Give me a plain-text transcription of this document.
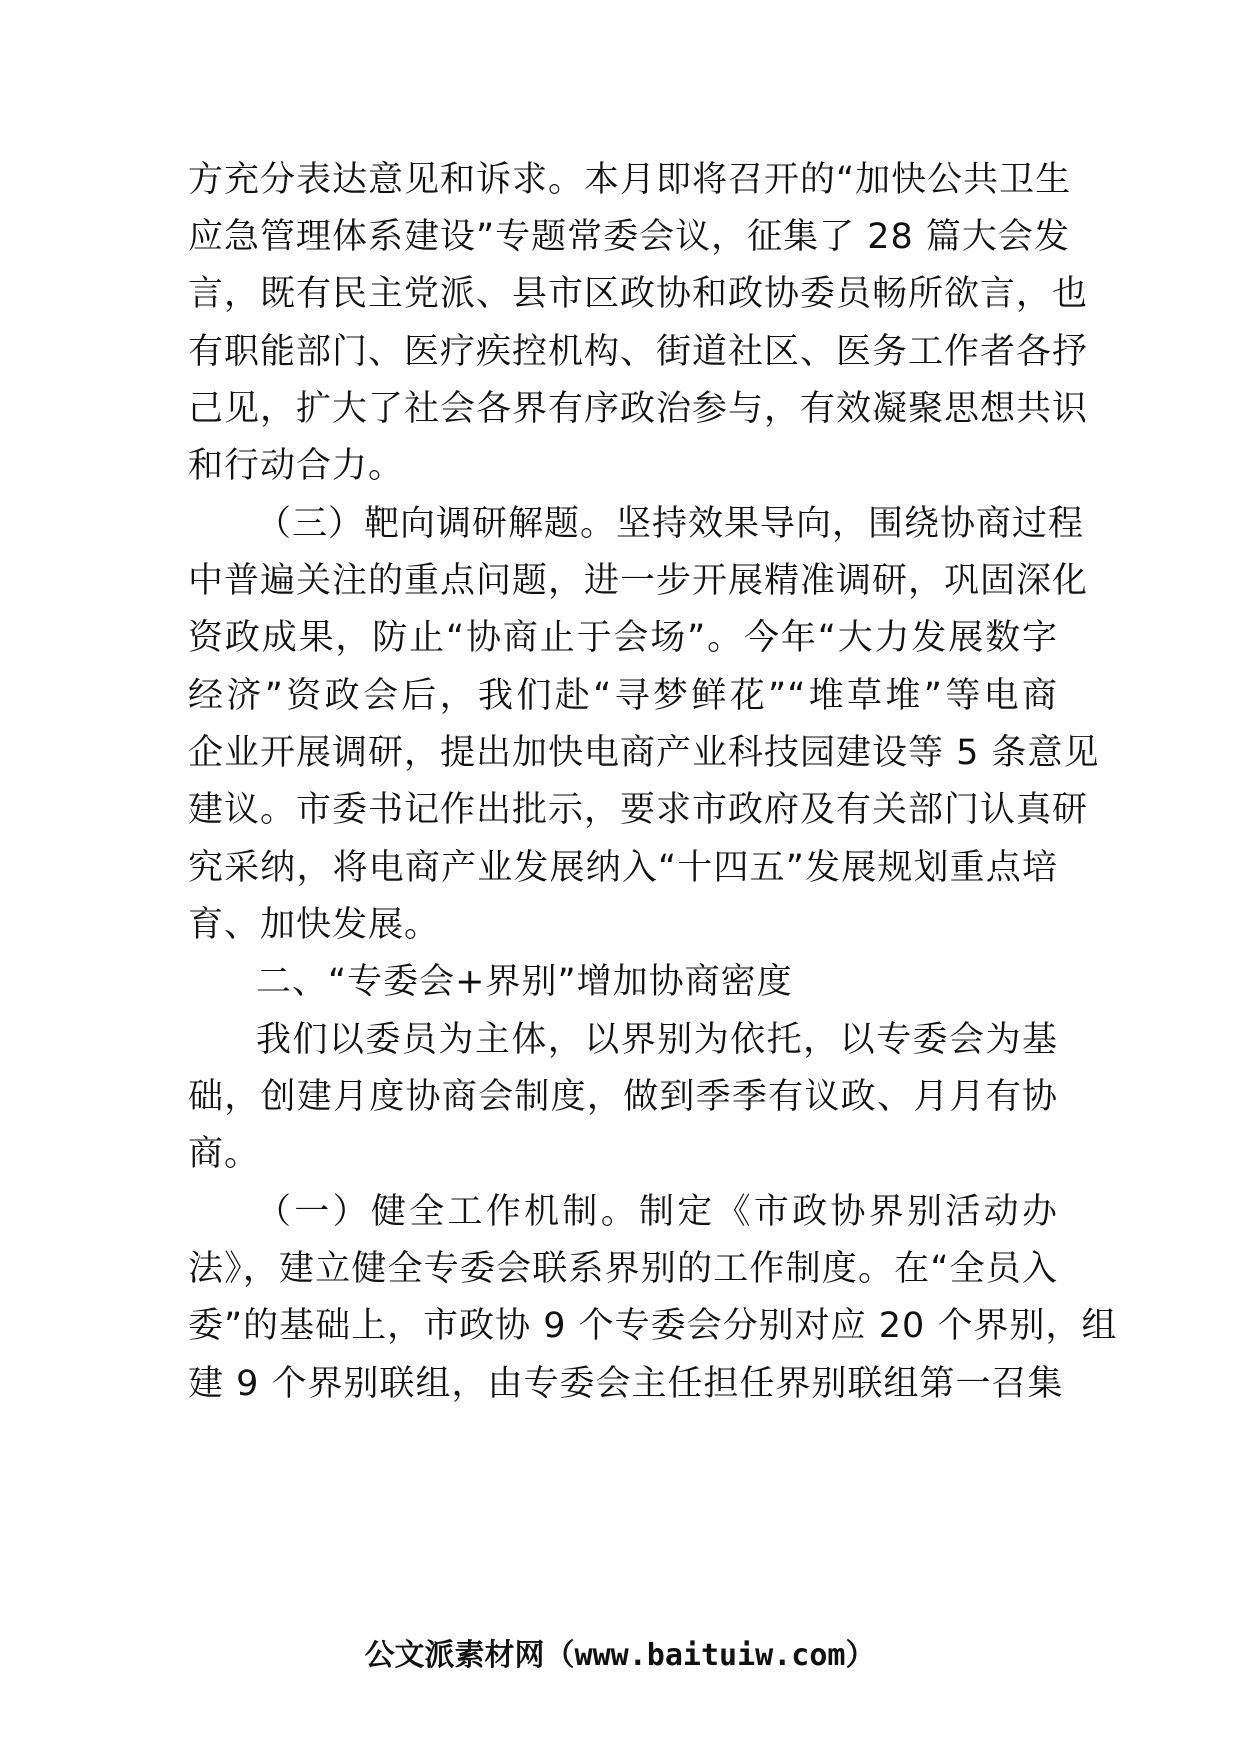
方充分表达意见和诉求。本月即将召开的“加快公共卫生
应急管理体系建设”专题常委会议，征集了 28 篇大会发
言，既有民主党派、县市区政协和政协委员畅所欲言，也
有职能部门、医疗疾控机构、街道社区、医务工作者各抒
己见，扩大了社会各界有序政治参与，有效凝聚思想共识
和行动合力。
（三）靶向调研解题。坚持效果导向，围绕协商过程
中普遍关注的重点问题，进一步开展精准调研，巩固深化
资政成果，防止“协商止于会场”。今年“大力发展数字
经济”资政会后，我们赴“寻梦鲜花”“堆草堆”等电商
企业开展调研，提出加快电商产业科技园建设等 5 条意见
建议。市委书记作出批示，要求市政府及有关部门认真研
究采纳，将电商产业发展纳入“十四五”发展规划重点培
育、加快发展。
二、“专委会+界别”增加协商密度
我们以委员为主体，以界别为依托，以专委会为基
础，创建月度协商会制度，做到季季有议政、月月有协
商。
（一）健全工作机制。制定《市政协界别活动办
法》，建立健全专委会联系界别的工作制度。在“全员入
委”的基础上，市政协 9 个专委会分别对应 20 个界别，组
建 9 个界别联组，由专委会主任担任界别联组第一召集
公文派素材网（www.baituiw.com）
